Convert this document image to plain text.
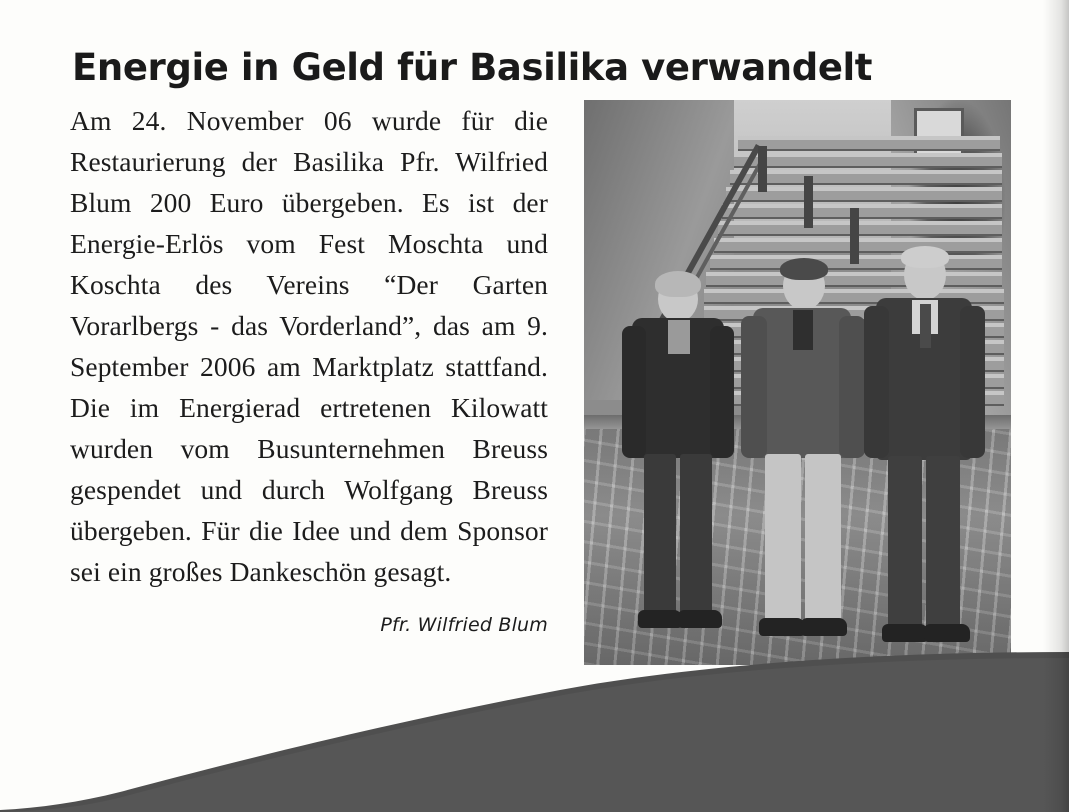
Energie in Geld für Basilika verwandelt

Am 24. November 06 wurde für die Restaurierung der Basilika Pfr. Wilfried Blum 200 Euro übergeben. Es ist der Energie-Erlös vom Fest Moschta und Koschta des Vereins “Der Garten Vorarlbergs - das Vorderland”, das am 9. September 2006 am Marktplatz stattfand. Die im Energierad ertretenen Kilowatt wurden vom Busunternehmen Breuss gespendet und durch Wolfgang Breuss übergeben. Für die Idee und dem Sponsor sei ein großes Dankeschön gesagt.

Pfr. Wilfried Blum
